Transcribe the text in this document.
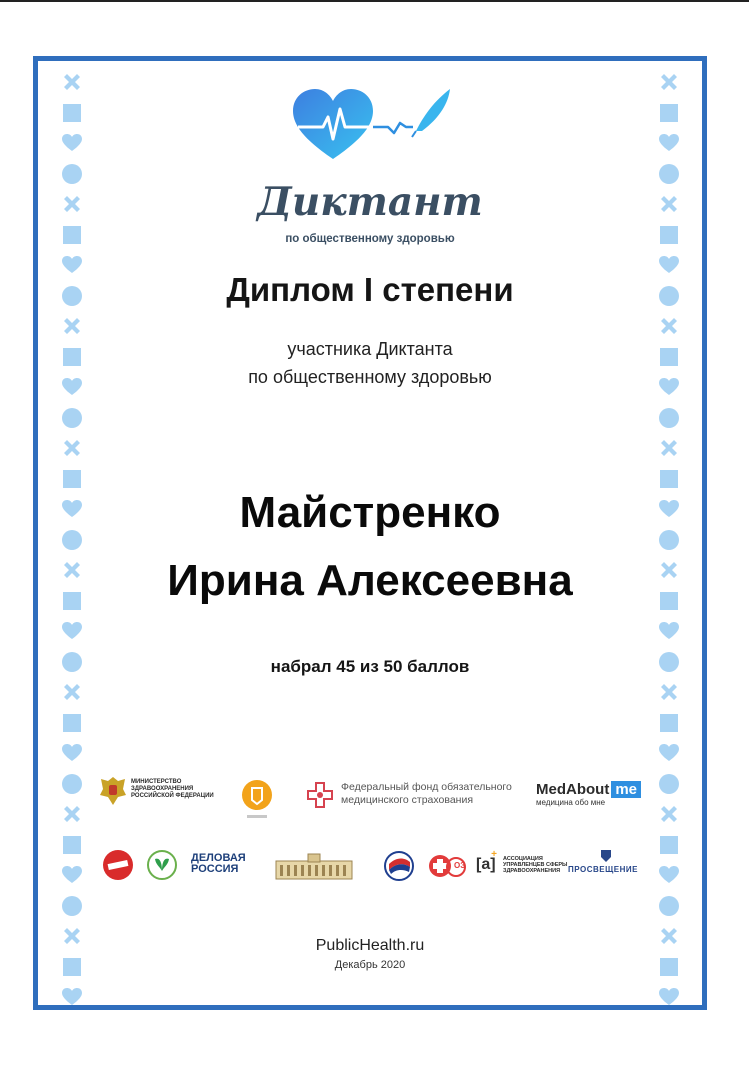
Диктант
по общественному здоровью
Диплом I степени
участника Диктанта
по общественному здоровью
Майстренко
Ирина Алексеевна
набрал 45 из 50 баллов
МИНИСТЕРСТВО
ЗДРАВООХРАНЕНИЯ
РОССИЙСКОЙ ФЕДЕРАЦИИ
Федеральный фонд обязательного
медицинского страхования
MedAbout me
медицина обо мне
ДЕЛОВАЯ
РОССИЯ	ОЗ [a]
+ АССОЦИАЦИЯ
УПРАВЛЕНЦЕВ СФЕРЫ
ЗДРАВООХРАНЕНИЯ ПРОСВЕЩЕНИЕ
PublicHealth.ru
Декабрь 2020
